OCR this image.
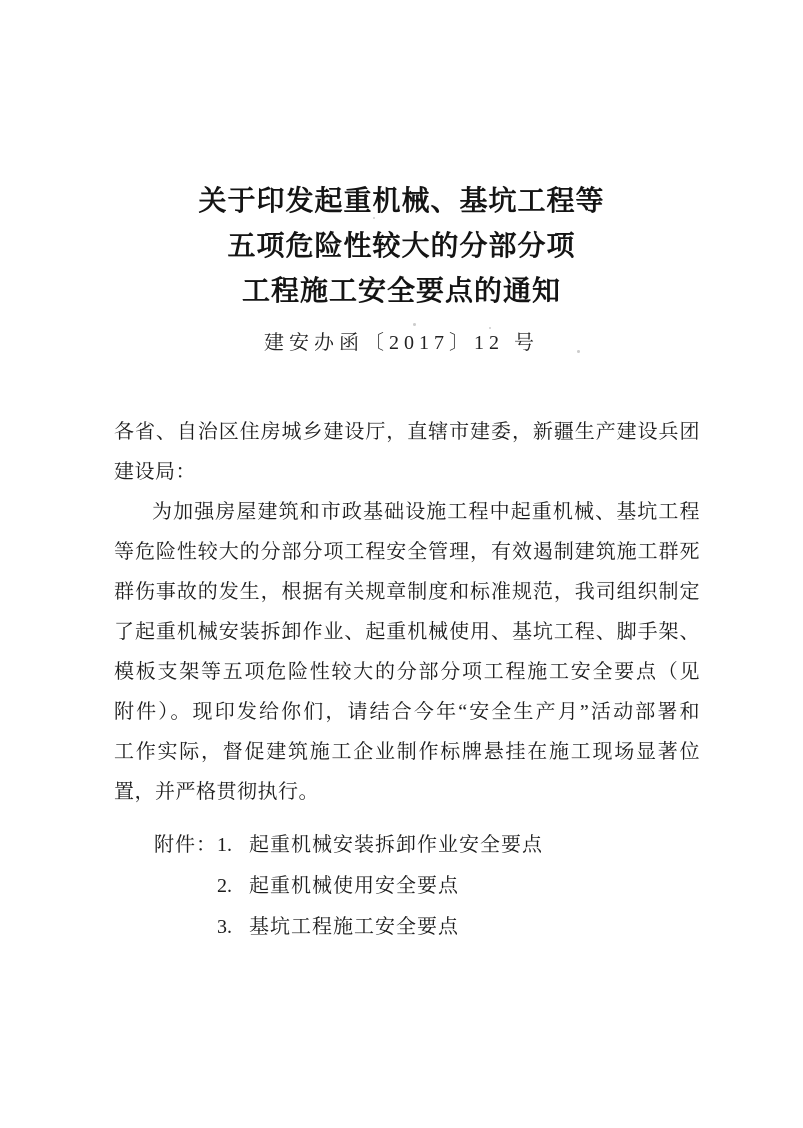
关于印发起重机械、基坑工程等
五项危险性较大的分部分项
工程施工安全要点的通知
建安办函〔2017〕12 号
各省、自治区住房城乡建设厅，直辖市建委，新疆生产建设兵团
建设局：
为加强房屋建筑和市政基础设施工程中起重机械、基坑工程
等危险性较大的分部分项工程安全管理，有效遏制建筑施工群死
群伤事故的发生，根据有关规章制度和标准规范，我司组织制定
了起重机械安装拆卸作业、起重机械使用、基坑工程、脚手架、
模板支架等五项危险性较大的分部分项工程施工安全要点（见
附件）。现印发给你们，请结合今年“安全生产月”活动部署和
工作实际，督促建筑施工企业制作标牌悬挂在施工现场显著位
置，并严格贯彻执行。
附件： 1. 起重机械安装拆卸作业安全要点
2. 起重机械使用安全要点
3. 基坑工程施工安全要点
